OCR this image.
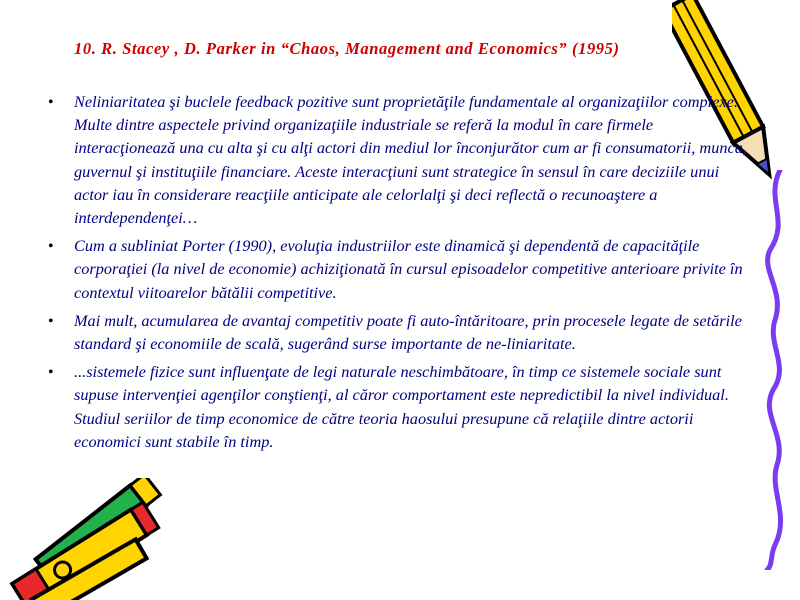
10. R. Stacey , D. Parker in “Chaos, Management and Economics” (1995)
• Neliniaritatea şi buclele feedback pozitive sunt proprietăţile fundamentale al organizaţiilor complexe. Multe dintre aspectele privind organizaţiile industriale se referă la modul în care firmele interacţionează una cu alta şi cu alţi actori din mediul lor înconjurător cum ar fi consumatorii, munca, guvernul şi instituţiile financiare. Aceste interacţiuni sunt strategice în sensul în care deciziile unui actor iau în considerare reacţiile anticipate ale celorlalţi şi deci reflectă o recunoaştere a interdependenţei…
• Cum a subliniat Porter (1990), evoluţia industriilor este dinamică şi dependentă de capacităţile corporaţiei (la nivel de economie) achiziţionată în cursul episoadelor competitive anterioare privite în contextul viitoarelor bătălii competitive.
• Mai mult, acumularea de avantaj competitiv poate fi auto-întăritoare, prin procesele legate de setările standard şi economiile de scală, sugerând surse importante de ne-liniaritate.
• ...sistemele fizice sunt influenţate de legi naturale neschimbătoare, în timp ce sistemele sociale sunt supuse intervenţiei agenţilor conştienţi, al căror comportament este nepredictibil la nivel individual. Studiul seriilor de timp economice de către teoria haosului presupune că relaţiile dintre actorii economici sunt stabile în timp.
